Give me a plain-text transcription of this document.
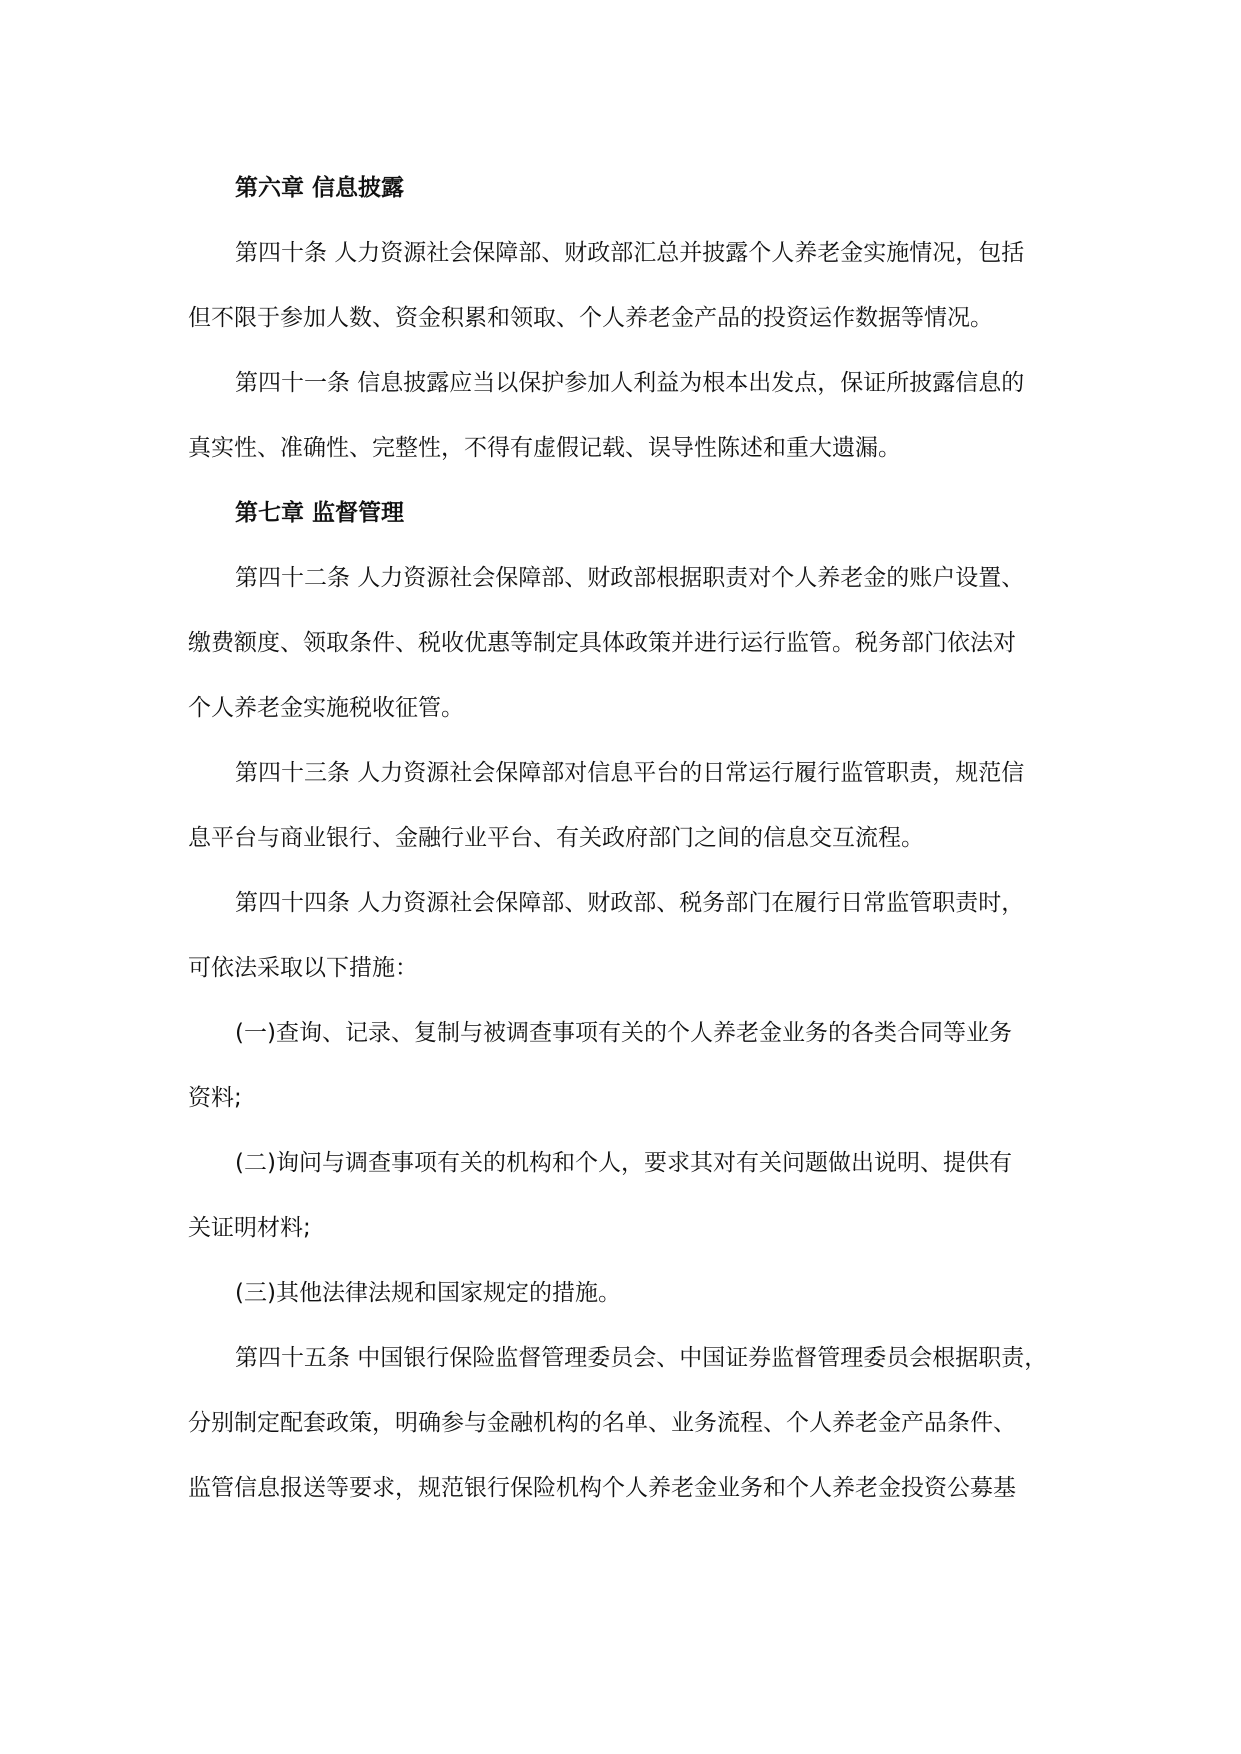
第六章 信息披露
第四十条 人力资源社会保障部、财政部汇总并披露个人养老金实施情况，包括
但不限于参加人数、资金积累和领取、个人养老金产品的投资运作数据等情况。
第四十一条 信息披露应当以保护参加人利益为根本出发点，保证所披露信息的
真实性、准确性、完整性，不得有虚假记载、误导性陈述和重大遗漏。
第七章 监督管理
第四十二条 人力资源社会保障部、财政部根据职责对个人养老金的账户设置、
缴费额度、领取条件、税收优惠等制定具体政策并进行运行监管。税务部门依法对
个人养老金实施税收征管。
第四十三条 人力资源社会保障部对信息平台的日常运行履行监管职责，规范信
息平台与商业银行、金融行业平台、有关政府部门之间的信息交互流程。
第四十四条 人力资源社会保障部、财政部、税务部门在履行日常监管职责时，
可依法采取以下措施：
(一)查询、记录、复制与被调查事项有关的个人养老金业务的各类合同等业务
资料;
(二)询问与调查事项有关的机构和个人，要求其对有关问题做出说明、提供有
关证明材料;
(三)其他法律法规和国家规定的措施。
第四十五条 中国银行保险监督管理委员会、中国证券监督管理委员会根据职责，
分别制定配套政策，明确参与金融机构的名单、业务流程、个人养老金产品条件、
监管信息报送等要求，规范银行保险机构个人养老金业务和个人养老金投资公募基
